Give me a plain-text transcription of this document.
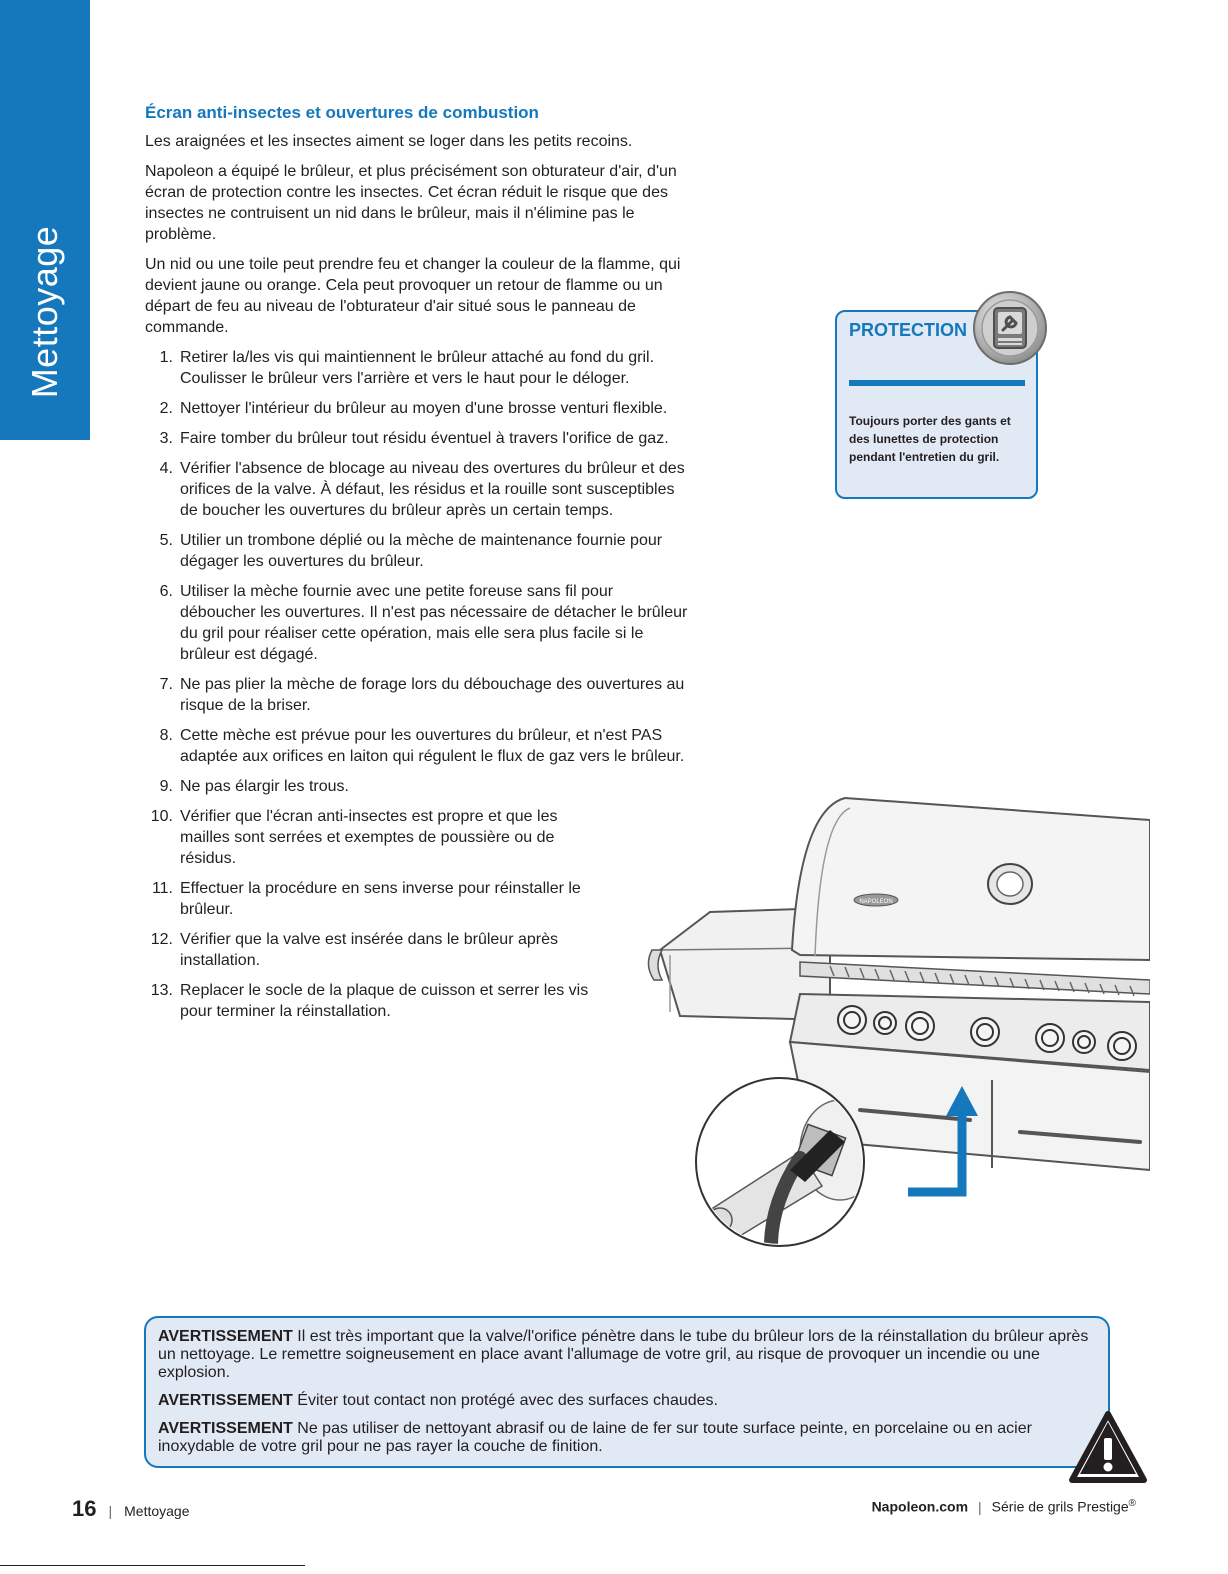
Mettoyage
Écran anti-insectes et ouvertures de combustion

Les araignées et les insectes aiment se loger dans les petits recoins.

Napoleon a équipé le brûleur, et plus précisément son obturateur d'air, d'un écran de protection contre les insectes. Cet écran réduit le risque que des insectes ne contruisent un nid dans le brûleur, mais il n'élimine pas le problème.

Un nid ou une toile peut prendre feu et changer la couleur de la flamme, qui devient jaune ou orange. Cela peut provoquer un retour de flamme ou un départ de feu au niveau de l'obturateur d'air situé sous le panneau de commande.

1. Retirer la/les vis qui maintiennent le brûleur attaché au fond du gril. Coulisser le brûleur vers l'arrière et vers le haut pour le déloger.
2. Nettoyer l'intérieur du brûleur au moyen d'une brosse venturi flexible.
3. Faire tomber du brûleur tout résidu éventuel à travers l'orifice de gaz.
4. Vérifier l'absence de blocage au niveau des overtures du brûleur et des orifices de la valve. À défaut, les résidus et la rouille sont susceptibles de boucher les ouvertures du brûleur après un certain temps.
5. Utilier un trombone déplié ou la mèche de maintenance fournie pour dégager les ouvertures du brûleur.
6. Utiliser la mèche fournie avec une petite foreuse sans fil pour déboucher les ouvertures. Il n'est pas nécessaire de détacher le brûleur du gril pour réaliser cette opération, mais elle sera plus facile si le brûleur est dégagé.
7. Ne pas plier la mèche de forage lors du débouchage des ouvertures au risque de la briser.
8. Cette mèche est prévue pour les ouvertures du brûleur, et n'est PAS adaptée aux orifices en laiton qui régulent le flux de gaz vers le brûleur.
9. Ne pas élargir les trous.
10. Vérifier que l'écran anti-insectes est propre et que les mailles sont serrées et exemptes de poussière ou de résidus.
11. Effectuer la procédure en sens inverse pour réinstaller le brûleur.
12. Vérifier que la valve est insérée dans le brûleur après installation.
13. Replacer le socle de la plaque de cuisson et serrer les vis pour terminer la réinstallation.
PROTECTION
Toujours porter des gants et des lunettes de protection pendant l'entretien du gril.
NAPOLEON

AVERTISSEMENT Il est très important que la valve/l'orifice pénètre dans le tube du brûleur lors de la réinstallation du brûleur après un nettoyage. Le remettre soigneusement en place avant l'allumage de votre gril, au risque de provoquer un incendie ou une explosion.

AVERTISSEMENT Éviter tout contact non protégé avec des surfaces chaudes.

AVERTISSEMENT Ne pas utiliser de nettoyant abrasif ou de laine de fer sur toute surface peinte, en porcelaine ou en acier inoxydable de votre gril pour ne pas rayer la couche de finition.

16 | Mettoyage	Napoleon.com | Série de grils Prestige®
